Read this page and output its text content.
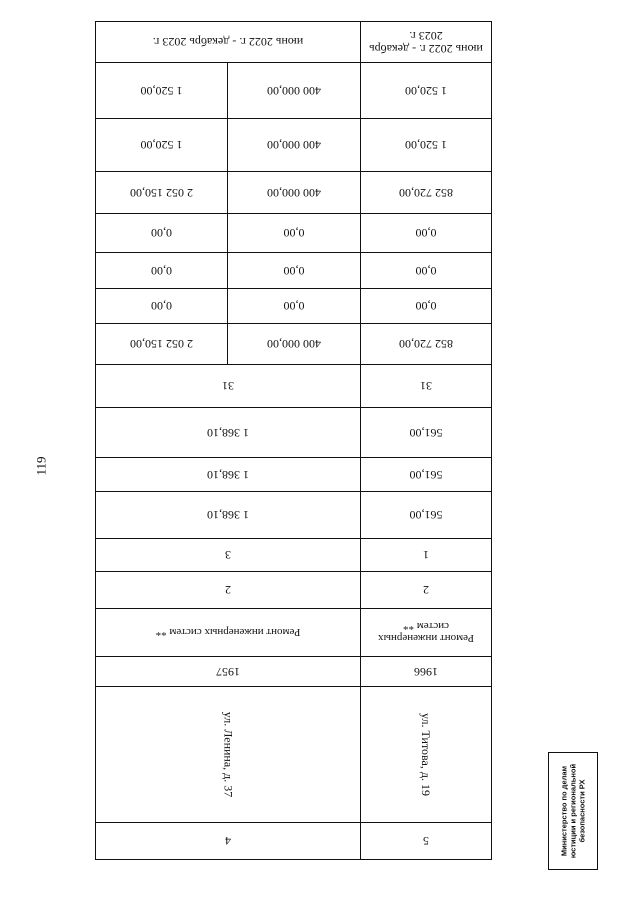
119
5	4	
ул. Титова, д. 19	ул. Ленина, д. 37	
1966	1957	
Ремонт инженерных систем **	Ремонт инженерных систем **	
2	2	
1	3	
561,00	1 368,10	
561,00	1 368,10	
561,00	1 368,10	
31	31	
852 720,00	400 000,00	2 052 150,00
0,00	0,00	0,00
0,00	0,00	0,00
0,00	0,00	0,00
852 720,00	400 000,00	2 052 150,00
1 520,00	400 000,00	1 520,00
1 520,00	400 000,00	1 520,00
июнь 2022 г. - декабрь 2023 г.	июнь 2022 г. - декабрь 2023 г.	
Министерство по делам юстиции и региональной безопасности РХ
